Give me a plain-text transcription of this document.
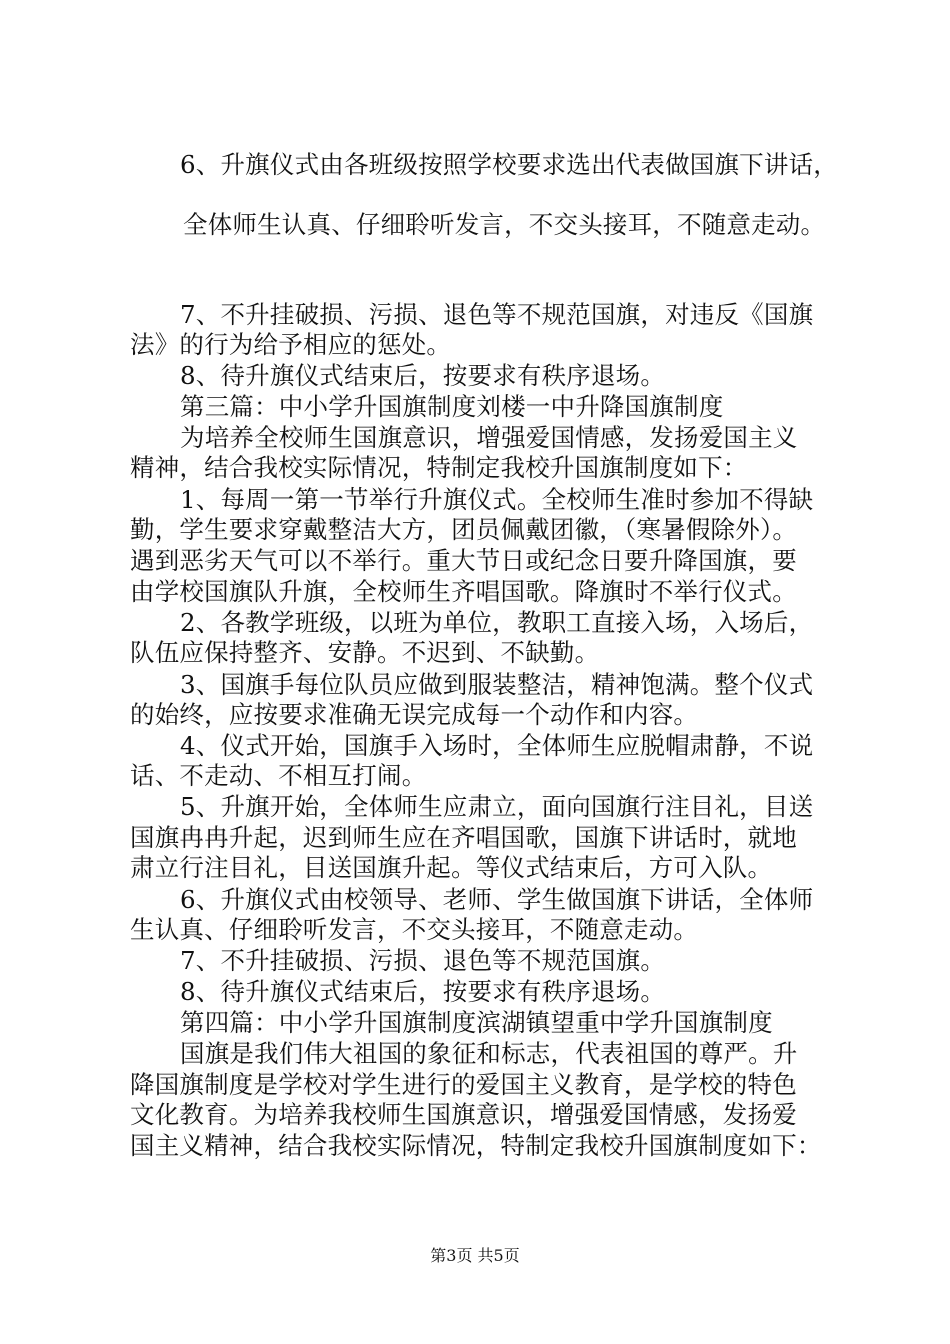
6、升旗仪式由各班级按照学校要求选出代表做国旗下讲话，
全体师生认真、仔细聆听发言，不交头接耳，不随意走动。
7、不升挂破损、污损、退色等不规范国旗，对违反《国旗
法》的行为给予相应的惩处。
8、待升旗仪式结束后，按要求有秩序退场。
第三篇：中小学升国旗制度刘楼一中升降国旗制度
为培养全校师生国旗意识，增强爱国情感，发扬爱国主义
精神，结合我校实际情况，特制定我校升国旗制度如下：
1、每周一第一节举行升旗仪式。全校师生准时参加不得缺
勤，学生要求穿戴整洁大方，团员佩戴团徽，（寒暑假除外）。
遇到恶劣天气可以不举行。重大节日或纪念日要升降国旗，要
由学校国旗队升旗，全校师生齐唱国歌。降旗时不举行仪式。
2、各教学班级，以班为单位，教职工直接入场，入场后，
队伍应保持整齐、安静。不迟到、不缺勤。
3、国旗手每位队员应做到服装整洁，精神饱满。整个仪式
的始终，应按要求准确无误完成每一个动作和内容。
4、仪式开始，国旗手入场时，全体师生应脱帽肃静，不说
话、不走动、不相互打闹。
5、升旗开始，全体师生应肃立，面向国旗行注目礼，目送
国旗冉冉升起，迟到师生应在齐唱国歌，国旗下讲话时，就地
肃立行注目礼，目送国旗升起。等仪式结束后，方可入队。
6、升旗仪式由校领导、老师、学生做国旗下讲话，全体师
生认真、仔细聆听发言，不交头接耳，不随意走动。
7、不升挂破损、污损、退色等不规范国旗。
8、待升旗仪式结束后，按要求有秩序退场。
第四篇：中小学升国旗制度滨湖镇望重中学升国旗制度
国旗是我们伟大祖国的象征和标志，代表祖国的尊严。升
降国旗制度是学校对学生进行的爱国主义教育，是学校的特色
文化教育。为培养我校师生国旗意识，增强爱国情感，发扬爱
国主义精神，结合我校实际情况，特制定我校升国旗制度如下：
第3页 共5页
